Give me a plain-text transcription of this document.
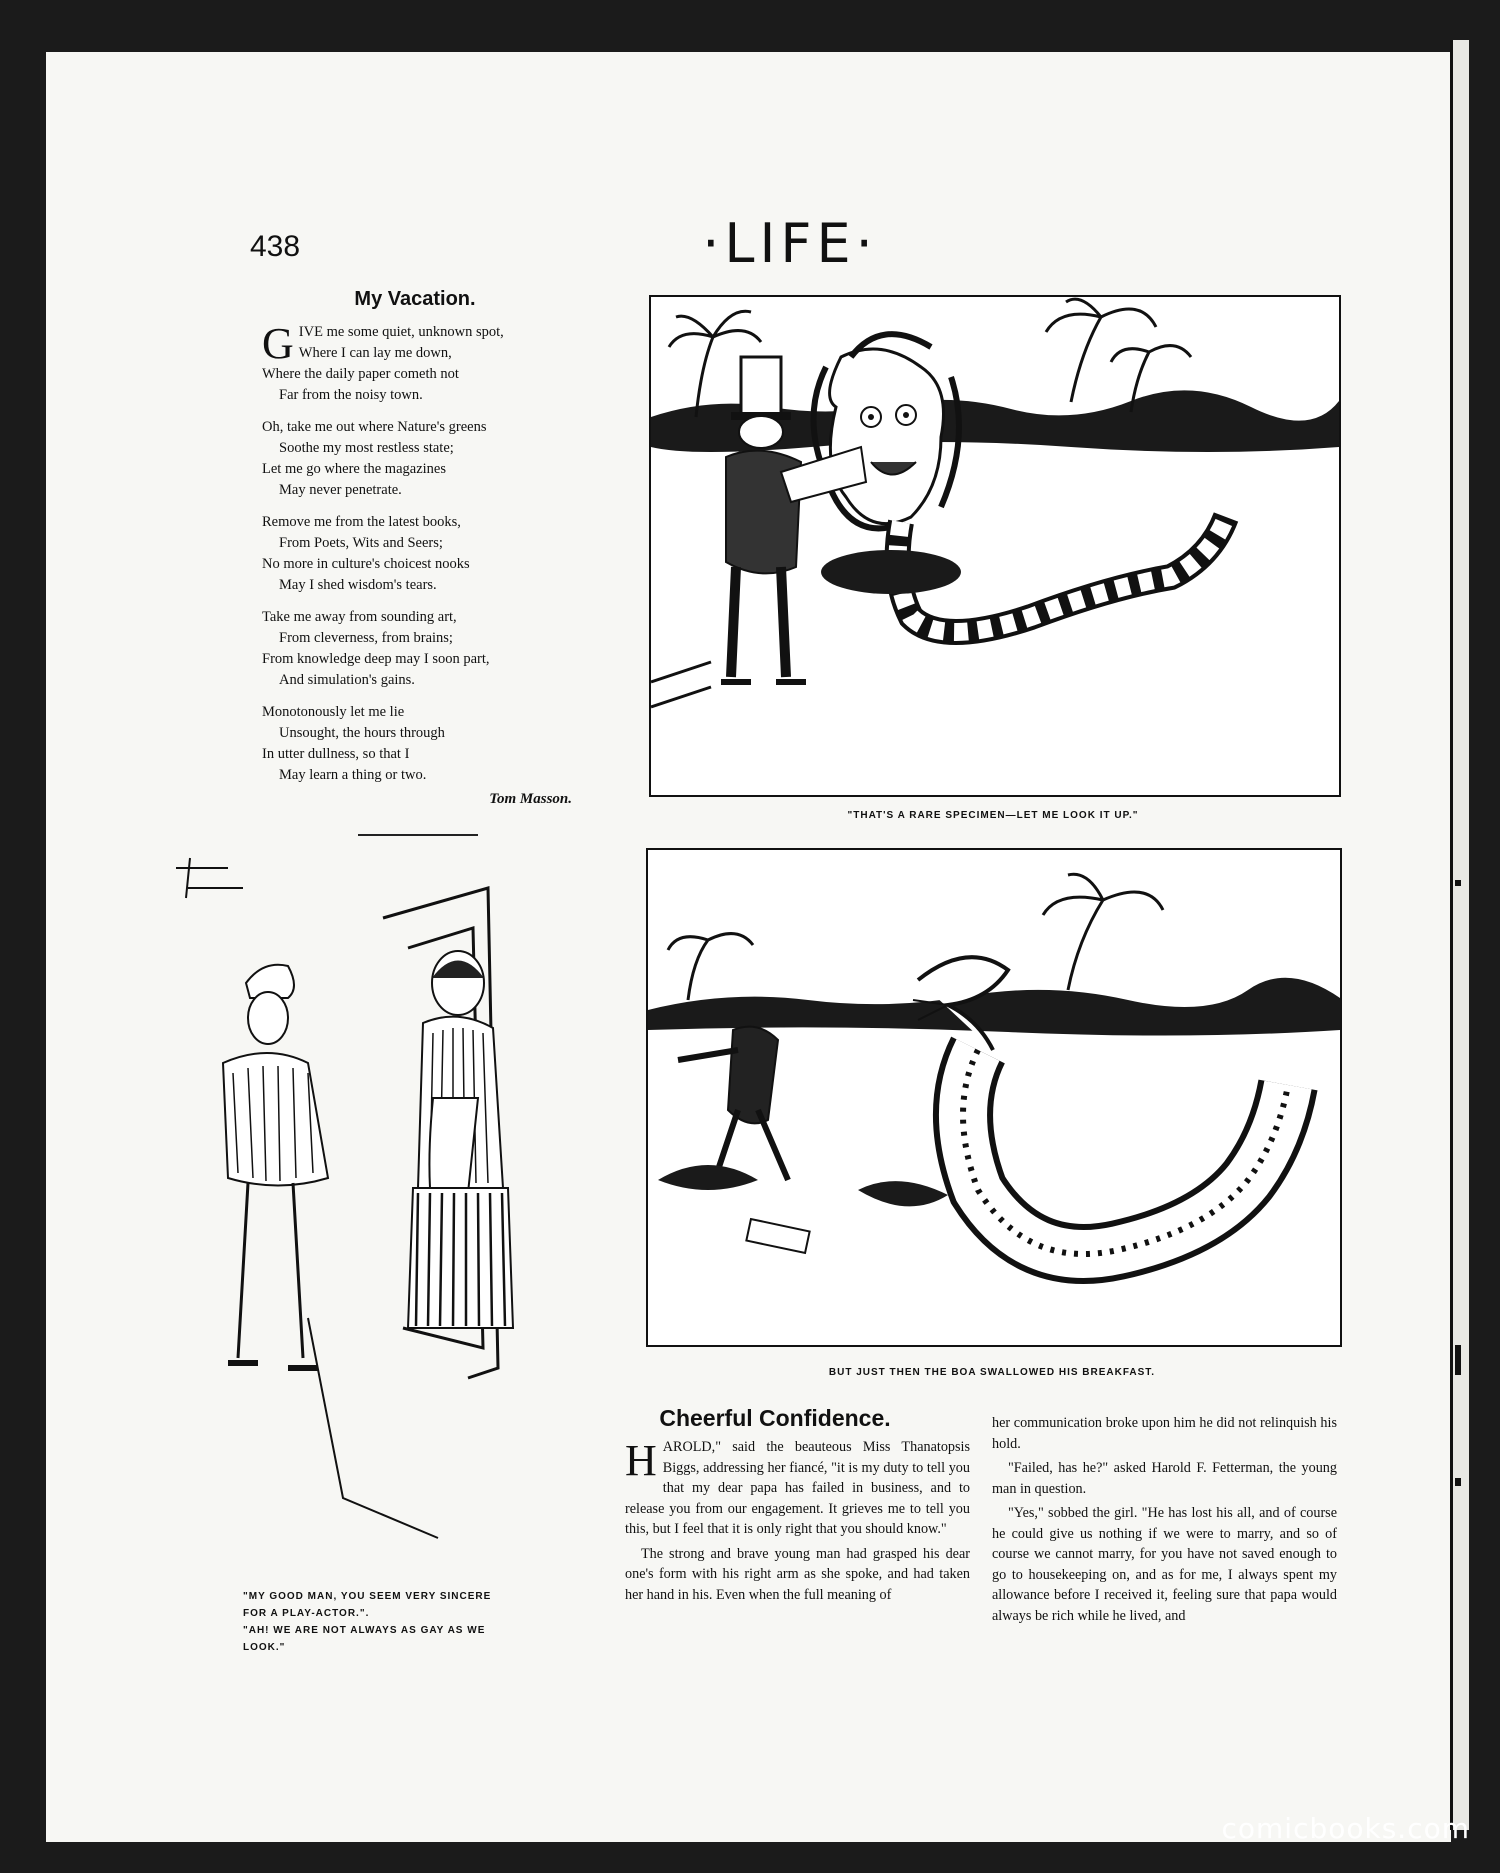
438	·LIFE·
My Vacation.
G IVE me some quiet, unknown spot,
Where I can lay me down,
Where the daily paper cometh not
Far from the noisy town.
Oh, take me out where Nature's greens
Soothe my most restless state;
Let me go where the magazines
May never penetrate.
Remove me from the latest books,
From Poets, Wits and Seers;
No more in culture's choicest nooks
May I shed wisdom's tears.
Take me away from sounding art,
From cleverness, from brains;
From knowledge deep may I soon part,
And simulation's gains.
Monotonously let me lie
Unsought, the hours through
In utter dullness, so that I
May learn a thing or two.
Tom Masson.
"THAT'S A RARE SPECIMEN—LET ME LOOK IT UP."
BUT JUST THEN THE BOA SWALLOWED HIS BREAKFAST.
"MY GOOD MAN, YOU SEEM VERY SINCERE
FOR A PLAY-ACTOR.".
"AH! WE ARE NOT ALWAYS AS GAY AS WE
LOOK."
Cheerful Confidence.

HAROLD," said the beauteous Miss Thanatopsis Biggs, addressing her fiancé, "it is my duty to tell you that my dear papa has failed in business, and to release you from our engagement. It grieves me to tell you this, but I feel that it is only right that you should know."

The strong and brave young man had grasped his dear one's form with his right arm as she spoke, and had taken her hand in his. Even when the full meaning of

her communication broke upon him he did not relinquish his hold.

"Failed, has he?" asked Harold F. Fetterman, the young man in question.

"Yes," sobbed the girl. "He has lost his all, and of course he could give us nothing if we were to marry, and so of course we cannot marry, for you have not saved enough to go to housekeeping on, and as for me, I always spent my allowance before I received it, feeling sure that papa would always be rich while he lived, and

comicbooks.com
